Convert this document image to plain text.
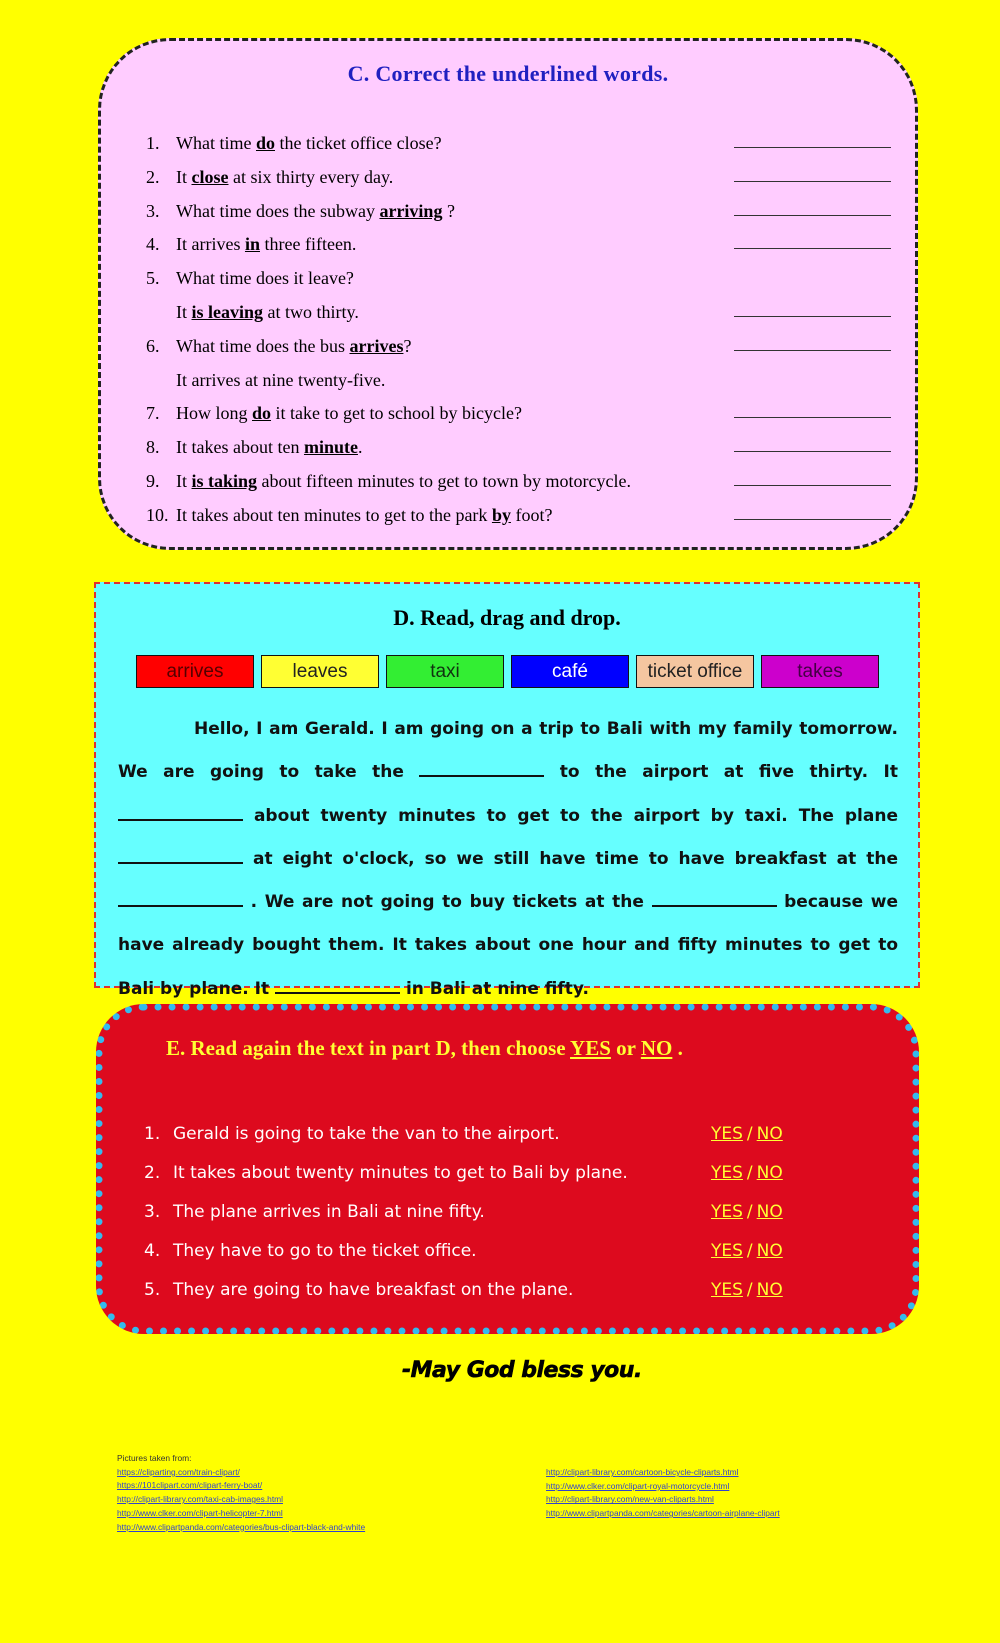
C. Correct the underlined words.
1. What time do the ticket office close?
2. It close at six thirty every day.
3. What time does the subway arriving ?
4. It arrives in three fifteen.
5. What time does it leave?
It is leaving at two thirty.
6. What time does the bus arrives?
It arrives at nine twenty-five.
7. How long do it take to get to school by bicycle?
8. It takes about ten minute.
9. It is taking about fifteen minutes to get to town by motorcycle.
10. It takes about ten minutes to get to the park by foot?
D. Read, drag and drop.
arrives	leaves	taxi	café	ticket office	takes
Hello, I am Gerald. I am going on a trip to Bali with my family tomorrow. We are going to take the	to the airport at five thirty. It  about twenty minutes to get to the airport by taxi. The plane  at eight o'clock, so we still have time to have breakfast at the  . We are not going to buy tickets at the	because we have already bought them. It takes about one hour and fifty minutes to get to Bali by plane. It	in Bali at nine fifty.
E. Read again the text in part D, then choose YES or NO .
1. Gerald is going to take the van to the airport.	YES / NO
2. It takes about twenty minutes to get to Bali by plane.	YES / NO
3. The plane arrives in Bali at nine fifty.	YES / NO
4. They have to go to the ticket office.	YES / NO
5. They are going to have breakfast on the plane.	YES / NO
-May God bless you.
Pictures taken from:
https://cliparting.com/train-clipart/
https://101clipart.com/clipart-ferry-boat/
http://clipart-library.com/taxi-cab-images.html
http://www.clker.com/clipart-helicopter-7.html
http://www.clipartpanda.com/categories/bus-clipart-black-and-white
http://clipart-library.com/cartoon-bicycle-cliparts.html
http://www.clker.com/clipart-royal-motorcycle.html
http://clipart-library.com/new-van-cliparts.html
http://www.clipartpanda.com/categories/cartoon-airplane-clipart
